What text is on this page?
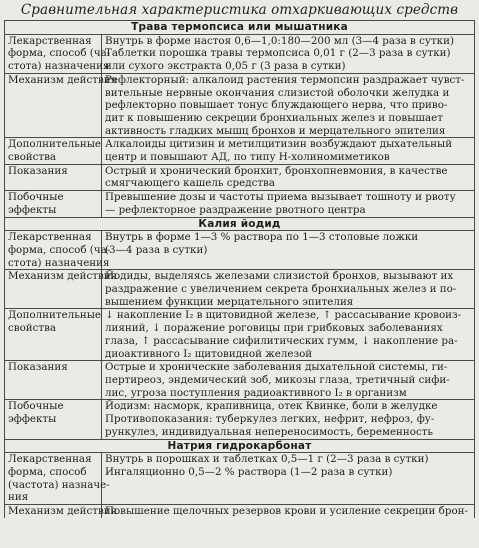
Сравнительная характеристика отхаркивающих средств
Трава термопсиса или мышатника	

Лекарственная
форма, способ (ча-
стота) назначения	Внутрь в форме настоя 0,6—1,0:180—200 мл (3—4 раза в сутки)
Таблетки порошка травы термопсиса 0,01 г (2—3 раза в сутки)
или сухого экстракта 0,05 г (3 раза в сутки)

Механизм действия	Рефлекторный: алкалоид растения термопсин раздражает чувст-
вительные нервные окончания слизистой оболочки желудка и
рефлекторно повышает тонус блуждающего нерва, что приво-
дит к повышению секреции бронхиальных желез и повышает
активность гладких мышц бронхов и мерцательного эпителия

Дополнительные
свойства	Алкалоиды цитизин и метилцитизин возбуждают дыхательный
центр и повышают АД, по типу Н-холиномиметиков

Показания	Острый и хронический бронхит, бронхопневмония, в качестве
смягчающего кашель средства

Побочные
эффекты	Превышение дозы и частоты приема вызывает тошноту и рвоту
— рефлекторное раздражение рвотного центра

Калия йодид	

Лекарственная
форма, способ (ча-
стота) назначения	Внутрь в форме 1—3 % раствора по 1—3 столовые ложки
(3—4 раза в сутки)

Механизм действия	Йодиды, выделяясь железами слизистой бронхов, вызывают их
раздражение с увеличением секрета бронхиальных желез и по-
вышением функции мерцательного эпителия

Дополнительные
свойства	↓ накопление I₂ в щитовидной железе, ↑ рассасывание кровоиз-
лияний, ↓ поражение роговицы при грибковых заболеваниях
глаза, ↑ рассасывание сифилитических гумм, ↓ накопление ра-
диоактивного I₂ щитовидной железой

Показания	Острые и хронические заболевания дыхательной системы, ги-
пертиреоз, эндемический зоб, микозы глаза, третичный сифи-
лис, угроза поступления радиоактивного I₂ в организм

Побочные
эффекты	Йодизм: насморк, крапивница, отек Квинке, боли в желудке
Противопоказания: туберкулез легких, нефрит, нефроз, фу-
рункулез, индивидуальная непереносимость, беременность

Натрия гидрокарбонат	

Лекарственная
форма, способ
(частота) назначе-
ния	Внутрь в порошках и таблетках 0,5—1 г (2—3 раза в сутки)
Ингаляционно 0,5—2 % раствора (1—2 раза в сутки)

Механизм действия	Повышение щелочных резервов крови и усиление секреции брон-
